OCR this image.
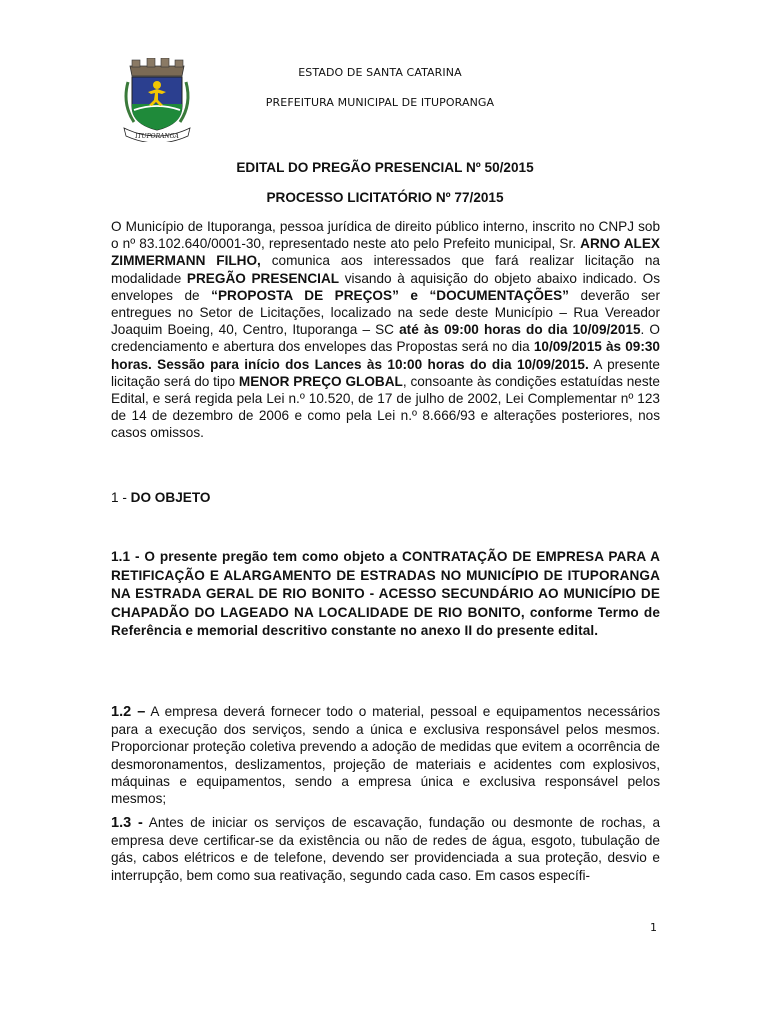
ITUPORANGA
ESTADO DE SANTA CATARINA
PREFEITURA MUNICIPAL DE ITUPORANGA
EDITAL DO PREGÃO PRESENCIAL Nº 50/2015
PROCESSO LICITATÓRIO Nº 77/2015

O Município de Ituporanga, pessoa jurídica de direito público interno, inscrito no CNPJ sob o nº 83.102.640/0001-30, representado neste ato pelo Prefeito municipal, Sr. ARNO ALEX ZIMMERMANN FILHO, comunica aos interessados que fará realizar licitação na modalidade PREGÃO PRESENCIAL visando à aquisição do objeto abaixo indicado. Os envelopes de “PROPOSTA DE PREÇOS” e “DOCUMENTAÇÕES” deverão ser entregues no Setor de Licitações, localizado na sede deste Município – Rua Vereador Joaquim Boeing, 40, Centro, Ituporanga – SC até às 09:00 horas do dia 10/09/2015. O credenciamento e abertura dos envelopes das Propostas será no dia 10/09/2015 às 09:30 horas. Sessão para início dos Lances às 10:00 horas do dia 10/09/2015. A presente licitação será do tipo MENOR PREÇO GLOBAL, consoante às condições estatuídas neste Edital, e será regida pela Lei n.º 10.520, de 17 de julho de 2002, Lei Complementar nº 123 de 14 de dezembro de 2006 e como pela Lei n.º 8.666/93 e alterações posteriores, nos casos omissos.

1 - DO OBJETO
1.1 - O presente pregão tem como objeto a CONTRATAÇÃO DE EMPRESA PARA A RETIFICAÇÃO E ALARGAMENTO DE ESTRADAS NO MUNICÍPIO DE ITUPORANGA NA ESTRADA GERAL DE RIO BONITO - ACESSO SECUNDÁRIO AO MUNICÍPIO DE CHAPADÃO DO LAGEADO NA LOCALIDADE DE RIO BONITO, conforme Termo de Referência e memorial descritivo constante no anexo II do presente edital.

1.2 – A empresa deverá fornecer todo o material, pessoal e equipamentos necessários para a execução dos serviços, sendo a única e exclusiva responsável pelos mesmos. Proporcionar proteção coletiva prevendo a adoção de medidas que evitem a ocorrência de desmoronamentos, deslizamentos, projeção de materiais e acidentes com explosivos, máquinas e equipamentos, sendo a empresa única e exclusiva responsável pelos mesmos;

1.3 - Antes de iniciar os serviços de escavação, fundação ou desmonte de rochas, a empresa deve certificar-se da existência ou não de redes de água, esgoto, tubulação de gás, cabos elétricos e de telefone, devendo ser providenciada a sua proteção, desvio e interrupção, bem como sua reativação, segundo cada caso. Em casos específi-

1
